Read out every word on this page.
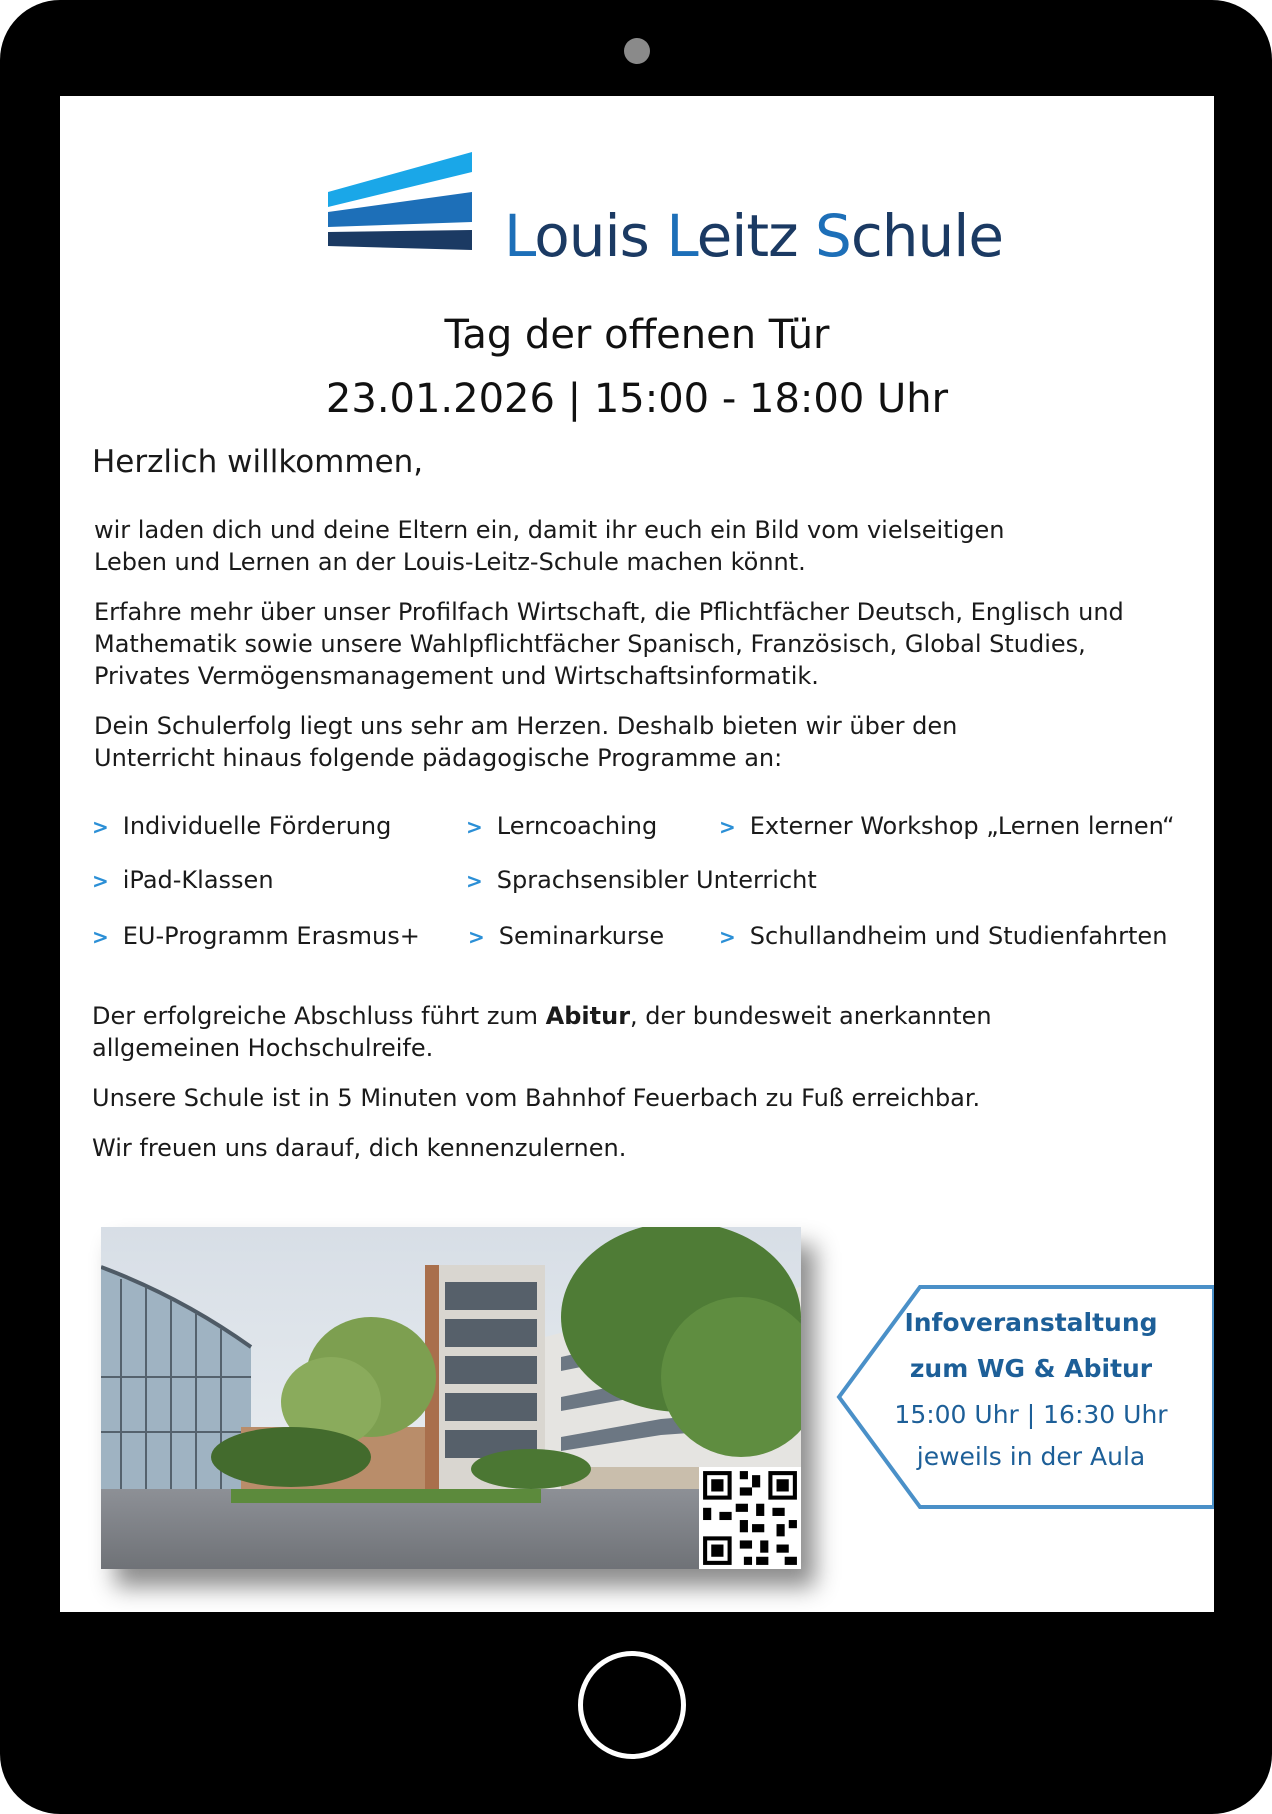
Louis Leitz Schule
Tag der offenen Tür
23.01.2026 | 15:00 - 18:00 Uhr
Herzlich willkommen,
wir laden dich und deine Eltern ein, damit ihr euch ein Bild vom vielseitigen
Leben und Lernen an der Louis-Leitz-Schule machen könnt.
Erfahre mehr über unser Profilfach Wirtschaft, die Pflichtfächer Deutsch, Englisch und
Mathematik sowie unsere Wahlpflichtfächer Spanisch, Französisch, Global Studies,
Privates Vermögensmanagement und Wirtschaftsinformatik.
Dein Schulerfolg liegt uns sehr am Herzen. Deshalb bieten wir über den
Unterricht hinaus folgende pädagogische Programme an:
> Individuelle Förderung	> Lerncoaching	> Externer Workshop „Lernen lernen“
> iPad-Klassen	> Sprachsensibler Unterricht
> EU-Programm Erasmus+ > Seminarkurse	> Schullandheim und Studienfahrten
Der erfolgreiche Abschluss führt zum Abitur, der bundesweit anerkannten
allgemeinen Hochschulreife.
Unsere Schule ist in 5 Minuten vom Bahnhof Feuerbach zu Fuß erreichbar.
Wir freuen uns darauf, dich kennenzulernen.
Infoveranstaltung
zum WG & Abitur
15:00 Uhr | 16:30 Uhr
jeweils in der Aula
